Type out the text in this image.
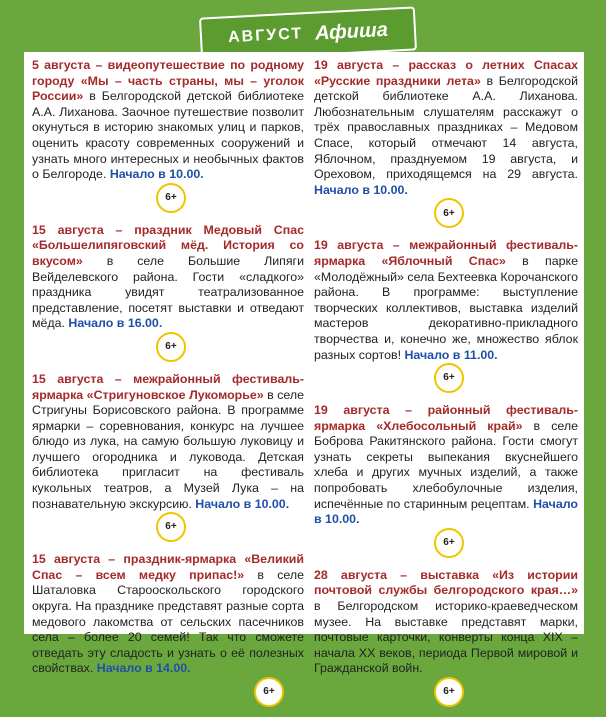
АВГУСТ Афиша
5 августа – видеопутешествие по родному городу «Мы – часть страны, мы – уголок России» в Белгородской детской библиотеке А.А. Лиханова. Заочное путешествие позволит окунуться в историю знакомых улиц и парков, оценить красоту современных сооружений и узнать много интересных и необычных фактов о Белгороде. Начало в 10.00.
6+
15 августа – праздник Медовый Спас «Большелипяговский мёд. История со вкусом» в селе Большие Липяги Вейделевского района. Гости «сладкого» праздника увидят театрализованное представление, посетят выставки и отведают мёда. Начало в 16.00.
6+
15 августа – межрайонный фестиваль-ярмарка «Стригуновское Лукоморье» в селе Стригуны Борисовского района. В программе ярмарки – соревнования, конкурс на лучшее блюдо из лука, на самую большую луковицу и лучшего огородника и луковода. Детская библиотека пригласит на фестиваль кукольных театров, а Музей Лука – на познавательную экскурсию. Начало в 10.00.
6+
15 августа – праздник-ярмарка «Великий Спас – всем медку припас!» в селе Шаталовка Старооскольского городского округа. На празднике представят разные сорта медового лакомства от сельских пасечников села – более 20 семей! Так что сможете отведать эту сладость и узнать о её полезных свойствах. Начало в 14.00.
6+
19 августа – рассказ о летних Спасах «Русские праздники лета» в Белгородской детской библиотеке А.А. Лиханова. Любознательным слушателям расскажут о трёх православных праздниках – Медовом Спасе, который отмечают 14 августа, Яблочном, празднуемом 19 августа, и Ореховом, приходящемся на 29 августа. Начало в 10.00.
6+
19 августа – межрайонный фестиваль-ярмарка «Яблочный Спас» в парке «Молодёжный» села Бехтеевка Корочанского района. В программе: выступление творческих коллективов, выставка изделий мастеров декоративно-прикладного творчества и, конечно же, множество яблок разных сортов! Начало в 11.00.
6+
19 августа – районный фестиваль-ярмарка «Хлебосольный край» в селе Боброва Ракитянского района. Гости смогут узнать секреты выпекания вкуснейшего хлеба и других мучных изделий, а также попробовать хлебобулочные изделия, испечённые по старинным рецептам. Начало в 10.00.
6+
28 августа – выставка «Из истории почтовой службы белгородского края…» в Белгородском историко-краеведческом музее. На выставке представят марки, почтовые карточки, конверты конца XIX – начала XX веков, периода Первой мировой и Гражданской войн.
6+
